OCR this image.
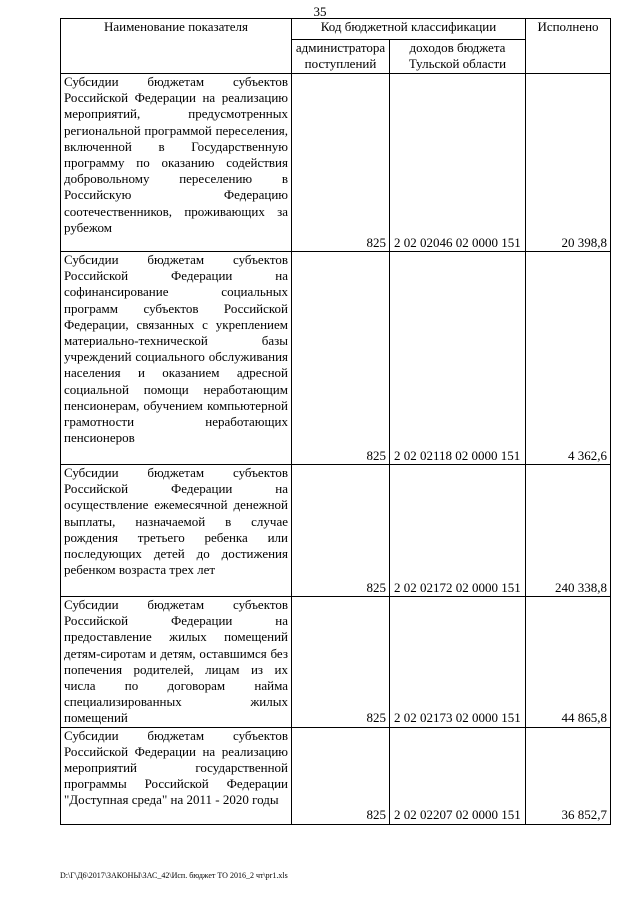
35
Наименование показателя	Код бюджетной классификации		Исполнено
	администратора поступлений	доходов бюджета Тульской области	
Субсидии бюджетам субъектов Российской Федерации на реализацию мероприятий, предусмотренных региональной программой переселения, включенной в Государственную программу по оказанию содействия добровольному переселению в Российскую Федерацию соотечественников, проживающих за рубежом	825	2 02 02046 02 0000 151	20 398,8
Субсидии бюджетам субъектов Российской Федерации на софинансирование социальных программ субъектов Российской Федерации, связанных с укреплением материально-технической базы учреждений социального обслуживания населения и оказанием адресной социальной помощи неработающим пенсионерам, обучением компьютерной грамотности неработающих пенсионеров	825	2 02 02118 02 0000 151	4 362,6
Субсидии бюджетам субъектов Российской Федерации на осуществление ежемесячной денежной выплаты, назначаемой в случае рождения третьего ребенка или последующих детей до достижения ребенком возраста трех лет	825	2 02 02172 02 0000 151	240 338,8
Субсидии бюджетам субъектов Российской Федерации на предоставление жилых помещений детям-сиротам и детям, оставшимся без попечения родителей, лицам из их числа по договорам найма специализированных жилых помещений	825	2 02 02173 02 0000 151	44 865,8
Субсидии бюджетам субъектов Российской Федерации на реализацию мероприятий государственной программы Российской Федерации "Доступная среда" на 2011 - 2020 годы	825	2 02 02207 02 0000 151	36 852,7
D:\Г\Д6\2017\ЗАКОНЫ\ЗАС_42\Исп. бюджет ТО 2016_2 чт\pr1.xls
